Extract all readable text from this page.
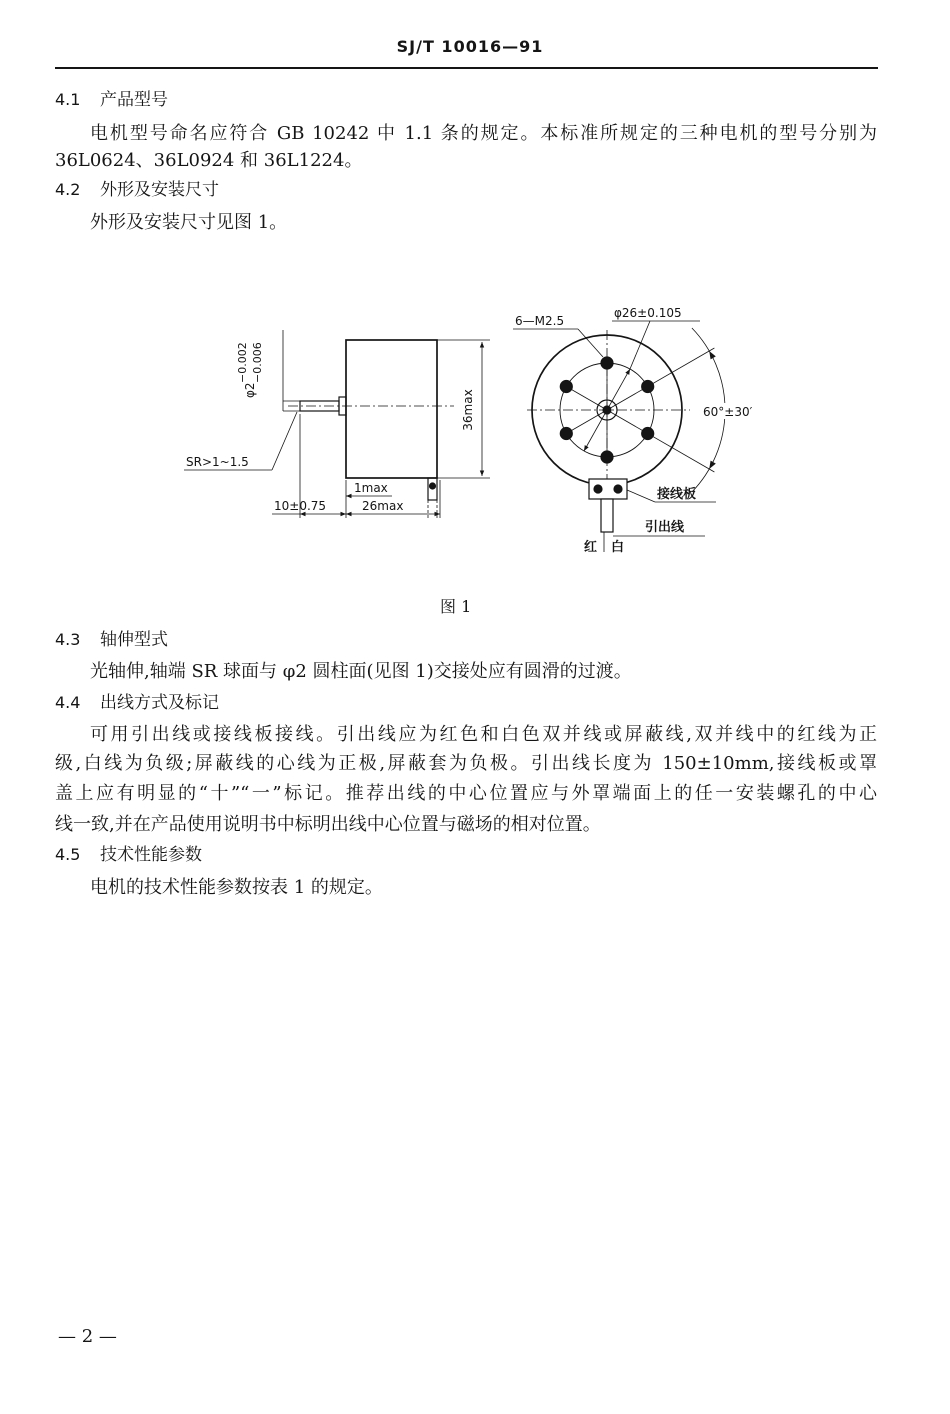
SJ/T 10016—91
4.1 产品型号
电机型号命名应符合 GB 10242 中 1.1 条的规定。本标准所规定的三种电机的型号分别为
36L0624、36L0924 和 36L1224。
4.2 外形及安装尺寸
外形及安装尺寸见图 1。
36max
φ2
−0.002 −0.006
SR>1~1.5
10±0.75	26max
1max
60°±30′
6—M2.5
φ26±0.105
接线板
引出线
红 白
图 1
4.3 轴伸型式
光轴伸,轴端 SR 球面与 φ2 圆柱面(见图 1)交接处应有圆滑的过渡。
4.4 出线方式及标记
可用引出线或接线板接线。引出线应为红色和白色双并线或屏蔽线,双并线中的红线为正
级,白线为负级;屏蔽线的心线为正极,屏蔽套为负极。引出线长度为 150±10mm,接线板或罩
盖上应有明显的“十”“一”标记。推荐出线的中心位置应与外罩端面上的任一安装螺孔的中心
线一致,并在产品使用说明书中标明出线中心位置与磁场的相对位置。
4.5 技术性能参数
电机的技术性能参数按表 1 的规定。
— 2 —
